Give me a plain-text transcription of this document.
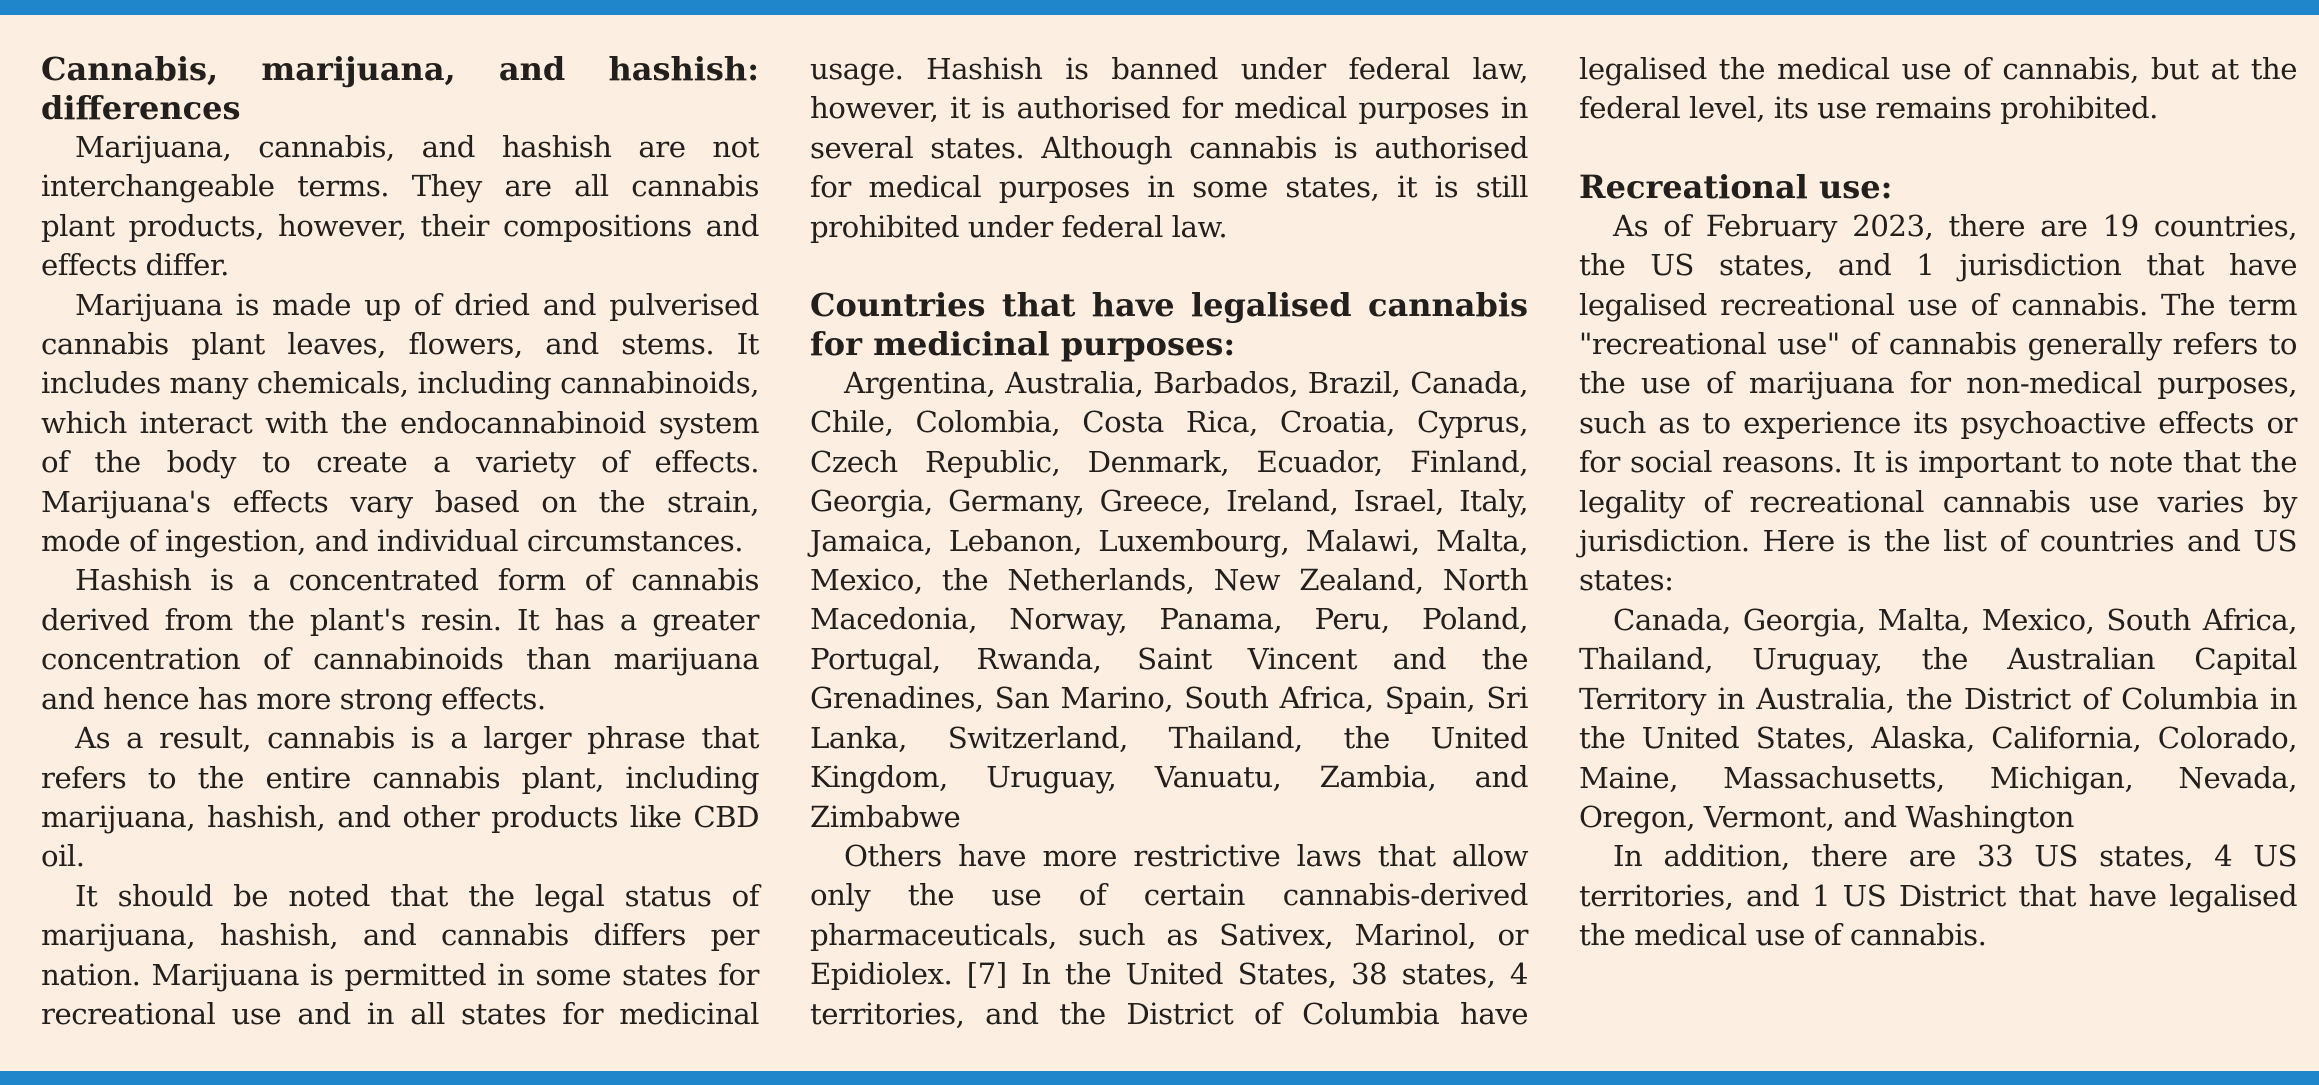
Cannabis, marijuana, and hashish: differences

Marijuana, cannabis, and hashish are not interchangeable terms. They are all cannabis plant products, however, their compositions and effects differ.

Marijuana is made up of dried and pulverised cannabis plant leaves, flowers, and stems. It includes many chemicals, including cannabinoids, which interact with the endocannabinoid system of the body to create a variety of effects. Marijuana's effects vary based on the strain, mode of ingestion, and individual circumstances.

Hashish is a concentrated form of cannabis derived from the plant's resin. It has a greater concentration of cannabinoids than marijuana and hence has more strong effects.

As a result, cannabis is a larger phrase that refers to the entire cannabis plant, including marijuana, hashish, and other products like CBD oil.

It should be noted that the legal status of marijuana, hashish, and cannabis differs per nation. Marijuana is permitted in some states for recreational use and in all states for medicinal

usage. Hashish is banned under federal law, however, it is authorised for medical purposes in several states. Although cannabis is authorised for medical purposes in some states, it is still prohibited under federal law.

Countries that have legalised cannabis for medicinal purposes:

Argentina, Australia, Barbados, Brazil, Canada, Chile, Colombia, Costa Rica, Croatia, Cyprus, Czech Republic, Denmark, Ecuador, Finland, Georgia, Germany, Greece, Ireland, Israel, Italy, Jamaica, Lebanon, Luxembourg, Malawi, Malta, Mexico, the Netherlands, New Zealand, North Macedonia, Norway, Panama, Peru, Poland, Portugal, Rwanda, Saint Vincent and the Grenadines, San Marino, South Africa, Spain, Sri Lanka, Switzerland, Thailand, the United Kingdom, Uruguay, Vanuatu, Zambia, and Zimbabwe

Others have more restrictive laws that allow only the use of certain cannabis-derived pharmaceuticals, such as Sativex, Marinol, or Epidiolex. [7] In the United States, 38 states, 4 territories, and the District of Columbia have

legalised the medical use of cannabis, but at the federal level, its use remains prohibited.

Recreational use:

As of February 2023, there are 19 countries, the US states, and 1 jurisdiction that have legalised recreational use of cannabis. The term "recreational use" of cannabis generally refers to the use of marijuana for non-medical purposes, such as to experience its psychoactive effects or for social reasons. It is important to note that the legality of recreational cannabis use varies by jurisdiction. Here is the list of countries and US states:

Canada, Georgia, Malta, Mexico, South Africa, Thailand, Uruguay, the Australian Capital Territory in Australia, the District of Columbia in the United States, Alaska, California, Colorado, Maine, Massachusetts, Michigan, Nevada, Oregon, Vermont, and Washington

In addition, there are 33 US states, 4 US territories, and 1 US District that have legalised the medical use of cannabis.
